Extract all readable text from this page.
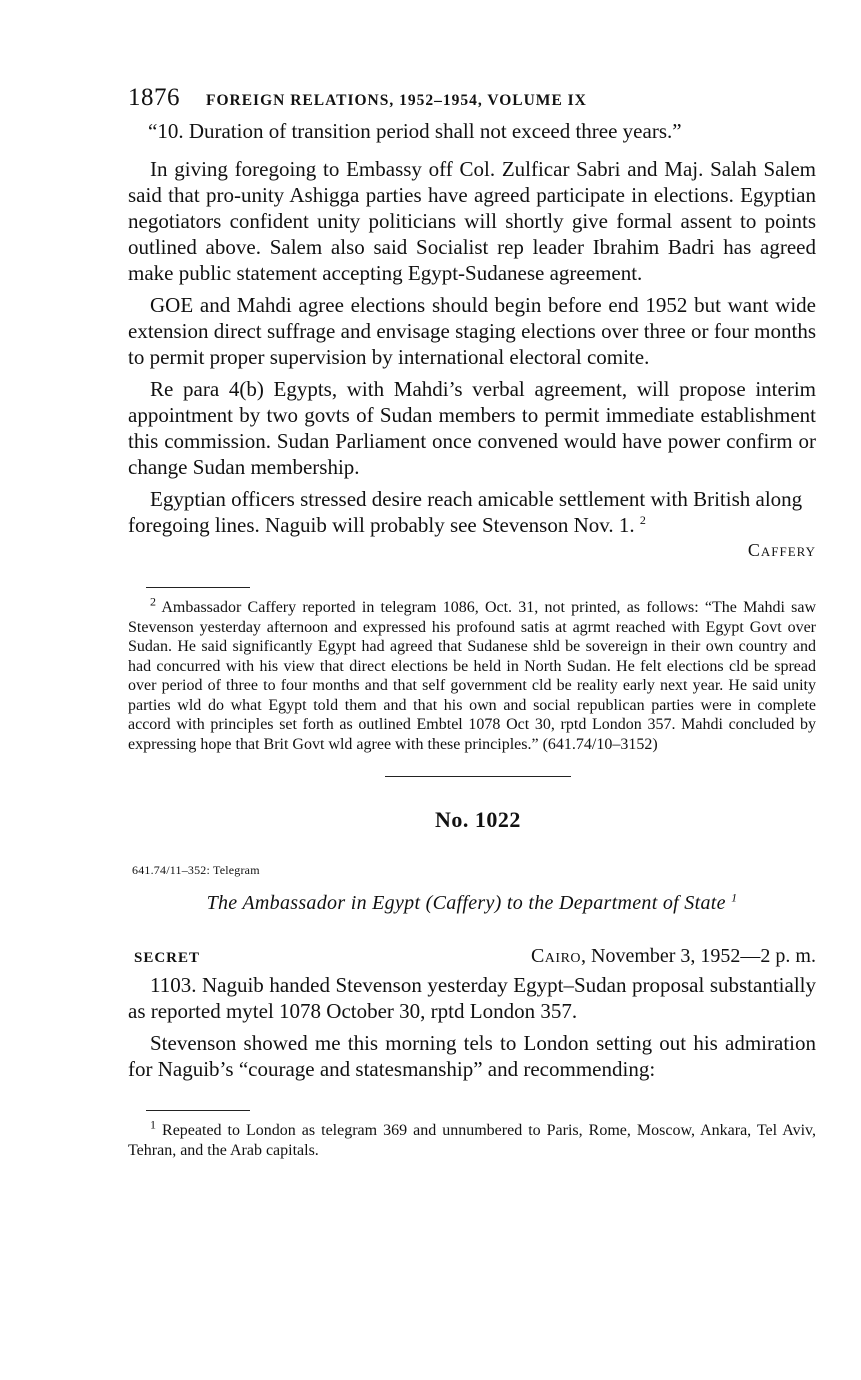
1876 FOREIGN RELATIONS, 1952–1954, VOLUME IX

“10. Duration of transition period shall not exceed three years.”

In giving foregoing to Embassy off Col. Zulficar Sabri and Maj. Salah Salem said that pro-unity Ashigga parties have agreed participate in elections. Egyptian negotiators confident unity politicians will shortly give formal assent to points outlined above. Salem also said Socialist rep leader Ibrahim Badri has agreed make public statement accepting Egypt-Sudanese agreement.

GOE and Mahdi agree elections should begin before end 1952 but want wide extension direct suffrage and envisage staging elections over three or four months to permit proper supervision by international electoral comite.

Re para 4(b) Egypts, with Mahdi’s verbal agreement, will propose interim appointment by two govts of Sudan members to permit immediate establishment this commission. Sudan Parliament once convened would have power confirm or change Sudan membership.

Egyptian officers stressed desire reach amicable settlement with British along foregoing lines. Naguib will probably see Stevenson Nov. 1. $^2$

Caffery

$^2$ Ambassador Caffery reported in telegram 1086, Oct. 31, not printed, as follows: “The Mahdi saw Stevenson yesterday afternoon and expressed his profound satis at agrmt reached with Egypt Govt over Sudan. He said significantly Egypt had agreed that Sudanese shld be sovereign in their own country and had concurred with his view that direct elections be held in North Sudan. He felt elections cld be spread over period of three to four months and that self government cld be reality early next year. He said unity parties wld do what Egypt told them and that his own and social republican parties were in complete accord with principles set forth as outlined Embtel 1078 Oct 30, rptd London 357. Mahdi concluded by expressing hope that Brit Govt wld agree with these principles.” (641.74/10–3152)

No. 1022
641.74/11–352: Telegram
The Ambassador in Egypt (Caffery) to the Department of State $^1$
SECRET	Cairo, November 3, 1952—2 p. m.

1103. Naguib handed Stevenson yesterday Egypt–Sudan proposal substantially as reported mytel 1078 October 30, rptd London 357.

Stevenson showed me this morning tels to London setting out his admiration for Naguib’s “courage and statesmanship” and recommending:

$^1$ Repeated to London as telegram 369 and unnumbered to Paris, Rome, Moscow, Ankara, Tel Aviv, Tehran, and the Arab capitals.
